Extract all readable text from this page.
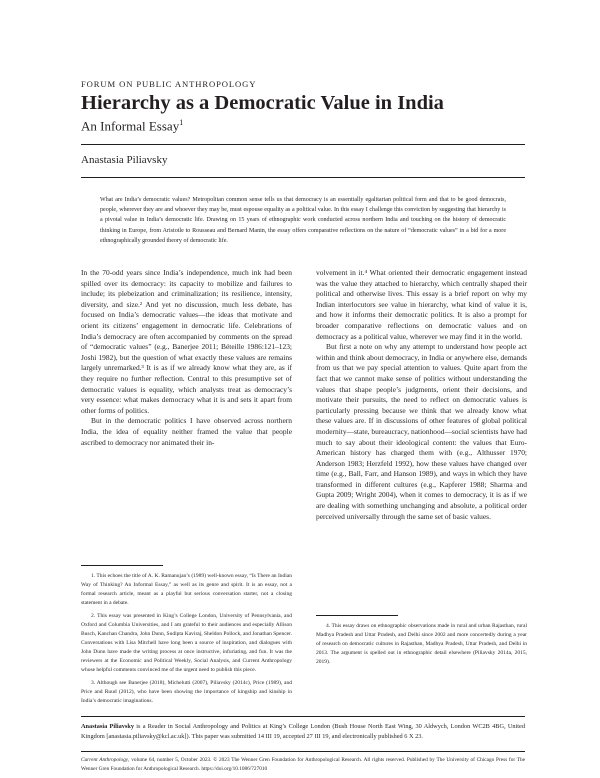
FORUM ON PUBLIC ANTHROPOLOGY
Hierarchy as a Democratic Value in India
An Informal Essay$^1$
Anastasia Piliavsky
What are India’s democratic values? Metropolitan common sense tells us that democracy is an essentially egalitarian political form and that to be good democrats, people, wherever they are and whoever they may be, must espouse equality as a political value. In this essay I challenge this conviction by suggesting that hierarchy is a pivotal value in India’s democratic life. Drawing on 15 years of ethnographic work conducted across northern India and touching on the history of democratic thinking in Europe, from Aristotle to Rousseau and Bernard Manin, the essay offers comparative reflections on the nature of “democratic values” in a bid for a more ethnographically grounded theory of democratic life.

In the 70-odd years since India’s independence, much ink had been spilled over its democracy: its capacity to mobilize and failures to include; its plebeization and criminalization; its resilience, intensity, diversity, and size.² And yet no discussion, much less debate, has focused on India’s democratic values—the ideas that motivate and orient its citizens’ engagement in democratic life. Celebrations of India’s democracy are often accompanied by comments on the spread of “democratic values” (e.g., Banerjee 2011; Béteille 1986:121–123; Joshi 1982), but the question of what exactly these values are remains largely unremarked.³ It is as if we already know what they are, as if they require no further reflection. Central to this presumptive set of democratic values is equality, which analysts treat as democracy’s very essence: what makes democracy what it is and sets it apart from other forms of politics.

But in the democratic politics I have observed across northern India, the idea of equality neither framed the value that people ascribed to democracy nor animated their in-

volvement in it.⁴ What oriented their democratic engagement instead was the value they attached to hierarchy, which centrally shaped their political and otherwise lives. This essay is a brief report on why my Indian interlocutors see value in hierarchy, what kind of value it is, and how it informs their democratic politics. It is also a prompt for broader comparative reflections on democratic values and on democracy as a political value, wherever we may find it in the world.

But first a note on why any attempt to understand how people act within and think about democracy, in India or anywhere else, demands from us that we pay special attention to values. Quite apart from the fact that we cannot make sense of politics without understanding the values that shape people’s judgments, orient their decisions, and motivate their pursuits, the need to reflect on democratic values is particularly pressing because we think that we already know what these values are. If in discussions of other features of global political modernity—state, bureaucracy, nationhood—social scientists have had much to say about their ideological content: the values that Euro-American history has charged them with (e.g., Althusser 1970; Anderson 1983; Herzfeld 1992), how these values have changed over time (e.g., Ball, Farr, and Hanson 1989), and ways in which they have transformed in different cultures (e.g., Kapferer 1988; Sharma and Gupta 2009; Wright 2004), when it comes to democracy, it is as if we are dealing with something unchanging and absolute, a political order perceived universally through the same set of basic values.

1. This echoes the title of A. K. Ramanujan’s (1989) well-known essay, “Is There an Indian Way of Thinking? An Informal Essay,” as well as its genre and spirit. It is an essay, not a formal research article, meant as a playful but serious conversation starter, not a closing statement in a debate.

2. This essay was presented in King’s College London, University of Pennsylvania, and Oxford and Columbia Universities, and I am grateful to their audiences and especially Allison Busch, Kanchan Chandra, John Dunn, Sudipta Kaviraj, Sheldon Pollock, and Jonathan Spencer. Conversations with Lisa Mitchell have long been a source of inspiration, and dialogues with John Dunn have made the writing process at once instructive, infuriating, and fun. It was the reviewers at the Economic and Political Weekly, Social Analysis, and Current Anthropology whose helpful comments convinced me of the urgent need to publish this piece.

3. Although see Banerjee (2018), Michelutti (2007), Piliavsky (2014c), Price (1989), and Price and Ruud (2012), who have been showing the importance of kingship and kinship in India’s democratic imaginations.

4. This essay draws on ethnographic observations made in rural and urban Rajasthan, rural Madhya Pradesh and Uttar Pradesh, and Delhi since 2002 and more concertedly during a year of research on democratic cultures in Rajasthan, Madhya Pradesh, Uttar Pradesh, and Delhi in 2013. The argument is spelled out in ethnographic detail elsewhere (Piliavsky 2014a, 2015, 2019).

Anastasia Piliavsky is a Reader in Social Anthropology and Politics at King’s College London (Bush House North East Wing, 30 Aldwych, London WC2B 4BG, United Kingdom [anastasia.piliavsky@kcl.ac.uk]). This paper was submitted 14 III 19, accepted 27 III 19, and electronically published 6 X 23.
Current Anthropology, volume 64, number 5, October 2023. © 2023 The Wenner Gren Foundation for Anthropological Research. All rights reserved. Published by The University of Chicago Press for The Wenner Gren Foundation for Anthropological Research. https://doi.org/10.1086/727010
